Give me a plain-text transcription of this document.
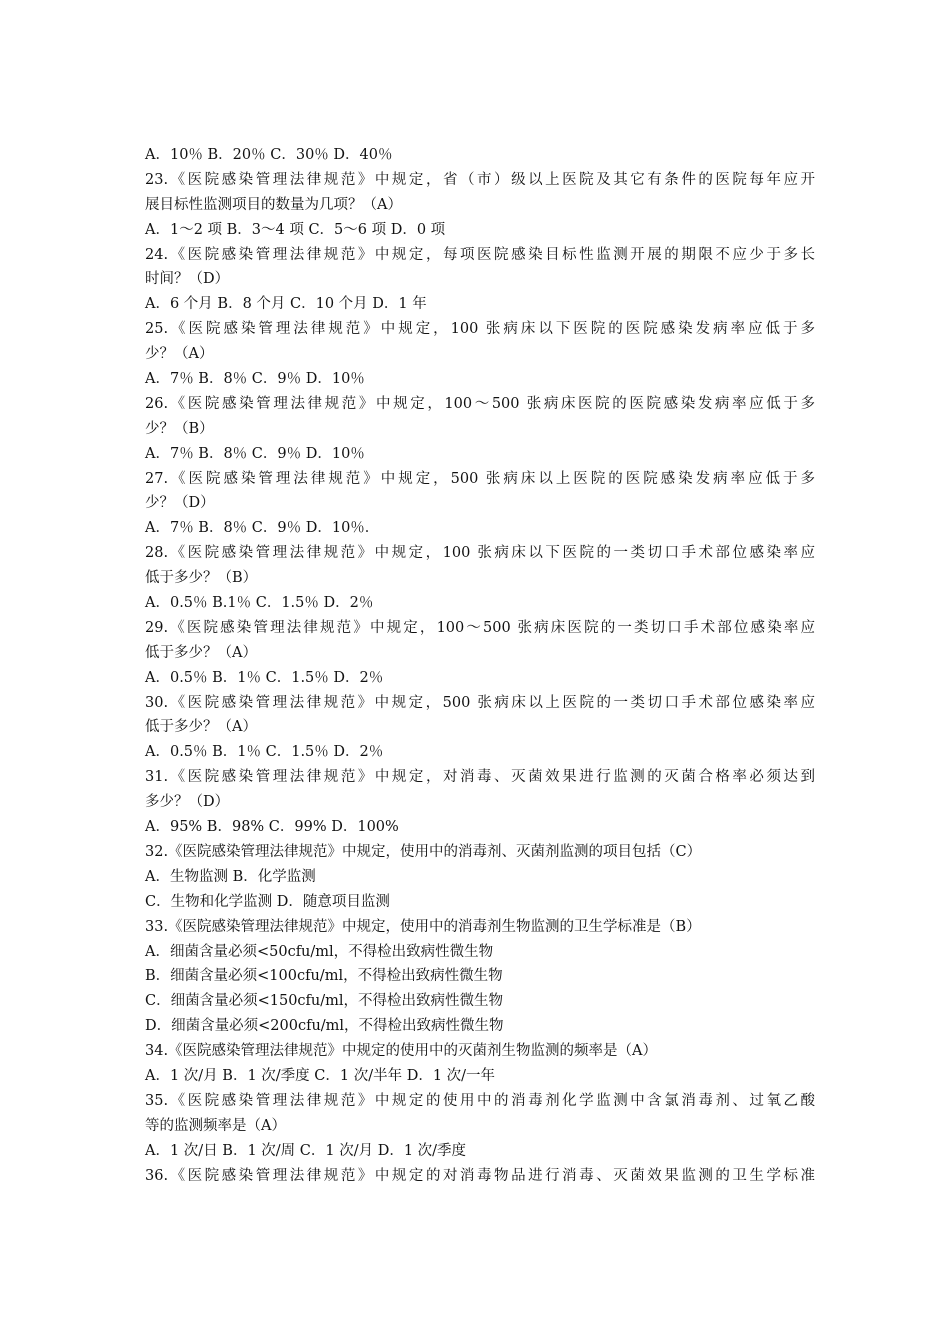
A．10％ B．20％ C．30％ D．40％
23.《医院感染管理法律规范》中规定，省（市）级以上医院及其它有条件的医院每年应开
展目标性监测项目的数量为几项？（A）
A．1～2 项 B．3～4 项 C．5～6 项 D．0 项
24.《医院感染管理法律规范》中规定，每项医院感染目标性监测开展的期限不应少于多长
时间？（D）
A．6 个月 B．8 个月 C．10 个月 D．1 年
25.《医院感染管理法律规范》中规定，100 张病床以下医院的医院感染发病率应低于多
少？（A）
A．7％ B．8％ C．9％ D．10％
26.《医院感染管理法律规范》中规定，100～500 张病床医院的医院感染发病率应低于多
少？（B）
A．7％ B．8％ C．9％ D．10％
27.《医院感染管理法律规范》中规定，500 张病床以上医院的医院感染发病率应低于多
少？（D）
A．7％ B．8％ C．9％ D．10％．
28.《医院感染管理法律规范》中规定，100 张病床以下医院的一类切口手术部位感染率应
低于多少？（B）
A．0.5％ B.1％ C．1.5％ D．2％
29.《医院感染管理法律规范》中规定，100～500 张病床医院的一类切口手术部位感染率应
低于多少？（A）
A．0.5％ B．1％ C．1.5％ D．2％
30.《医院感染管理法律规范》中规定，500 张病床以上医院的一类切口手术部位感染率应
低于多少？（A）
A．0.5％ B．1％ C．1.5％ D．2％
31.《医院感染管理法律规范》中规定，对消毒、灭菌效果进行监测的灭菌合格率必须达到
多少？（D）
A．95% B．98% C．99% D．100%
32.《医院感染管理法律规范》中规定，使用中的消毒剂、灭菌剂监测的项目包括（C）
A．生物监测 B．化学监测
C．生物和化学监测 D．随意项目监测
33.《医院感染管理法律规范》中规定，使用中的消毒剂生物监测的卫生学标准是（B）
A．细菌含量必须<50cfu/ml，不得检出致病性微生物
B．细菌含量必须<100cfu/ml，不得检出致病性微生物
C．细菌含量必须<150cfu/ml，不得检出致病性微生物
D．细菌含量必须<200cfu/ml，不得检出致病性微生物
34.《医院感染管理法律规范》中规定的使用中的灭菌剂生物监测的频率是（A）
A．1 次/月 B．1 次/季度 C．1 次/半年 D．1 次/一年
35.《医院感染管理法律规范》中规定的使用中的消毒剂化学监测中含氯消毒剂、过氧乙酸
等的监测频率是（A）
A．1 次/日 B．1 次/周 C．1 次/月 D．1 次/季度
36.《医院感染管理法律规范》中规定的对消毒物品进行消毒、灭菌效果监测的卫生学标准
